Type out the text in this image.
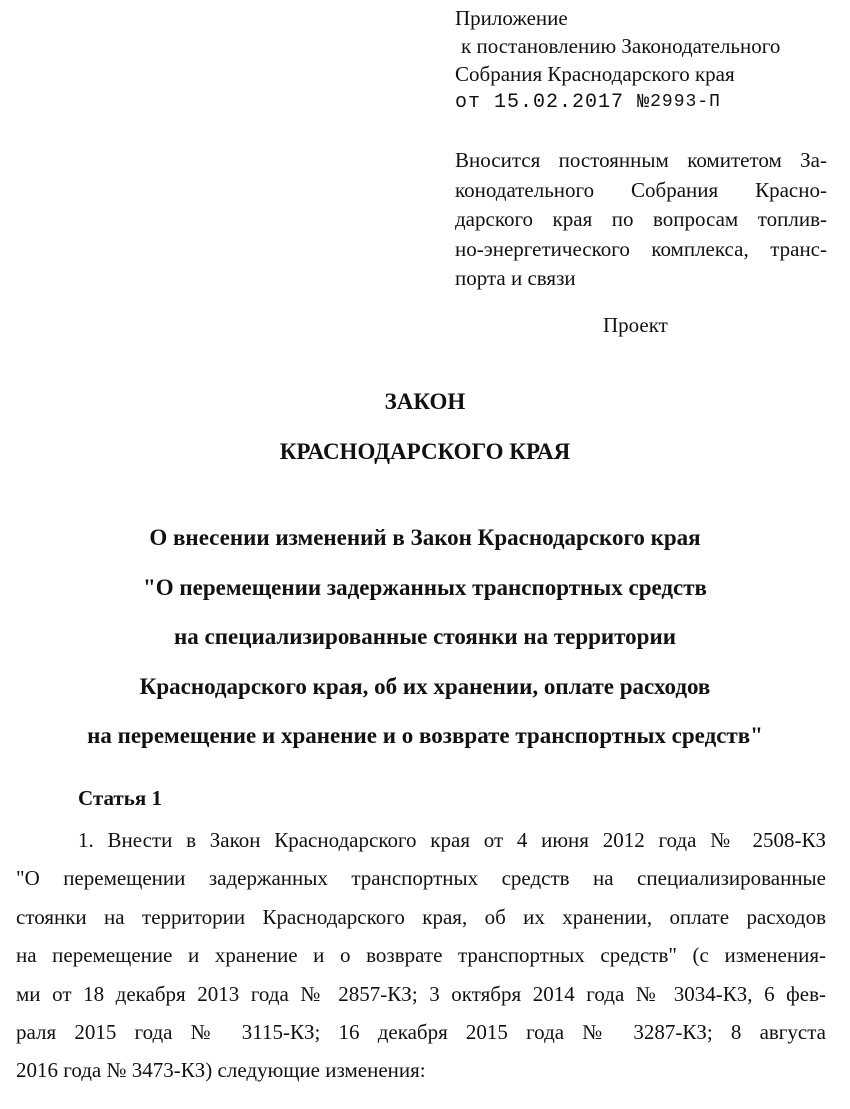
Приложение
к постановлению Законодательного
Собрания Краснодарского края
от 15.02.2017 №2993-П
Вносится постоянным комитетом За-
конодательного Собрания Красно-
дарского края по вопросам топлив-
но-энергетического комплекса, транс-
порта и связи
Проект
ЗАКОН
КРАСНОДАРСКОГО КРАЯ
О внесении изменений в Закон Краснодарского края
"О перемещении задержанных транспортных средств
на специализированные стоянки на территории
Краснодарского края, об их хранении, оплате расходов
на перемещение и хранение и о возврате транспортных средств"
Статья 1
1. Внести в Закон Краснодарского края от 4 июня 2012 года № 2508-КЗ
"О перемещении задержанных транспортных средств на специализированные
стоянки на территории Краснодарского края, об их хранении, оплате расходов
на перемещение и хранение и о возврате транспортных средств" (с изменения-
ми от 18 декабря 2013 года № 2857-КЗ; 3 октября 2014 года № 3034-КЗ, 6 фев-
раля 2015 года № 3115-КЗ; 16 декабря 2015 года № 3287-КЗ; 8 августа
2016 года № 3473-КЗ) следующие изменения:
